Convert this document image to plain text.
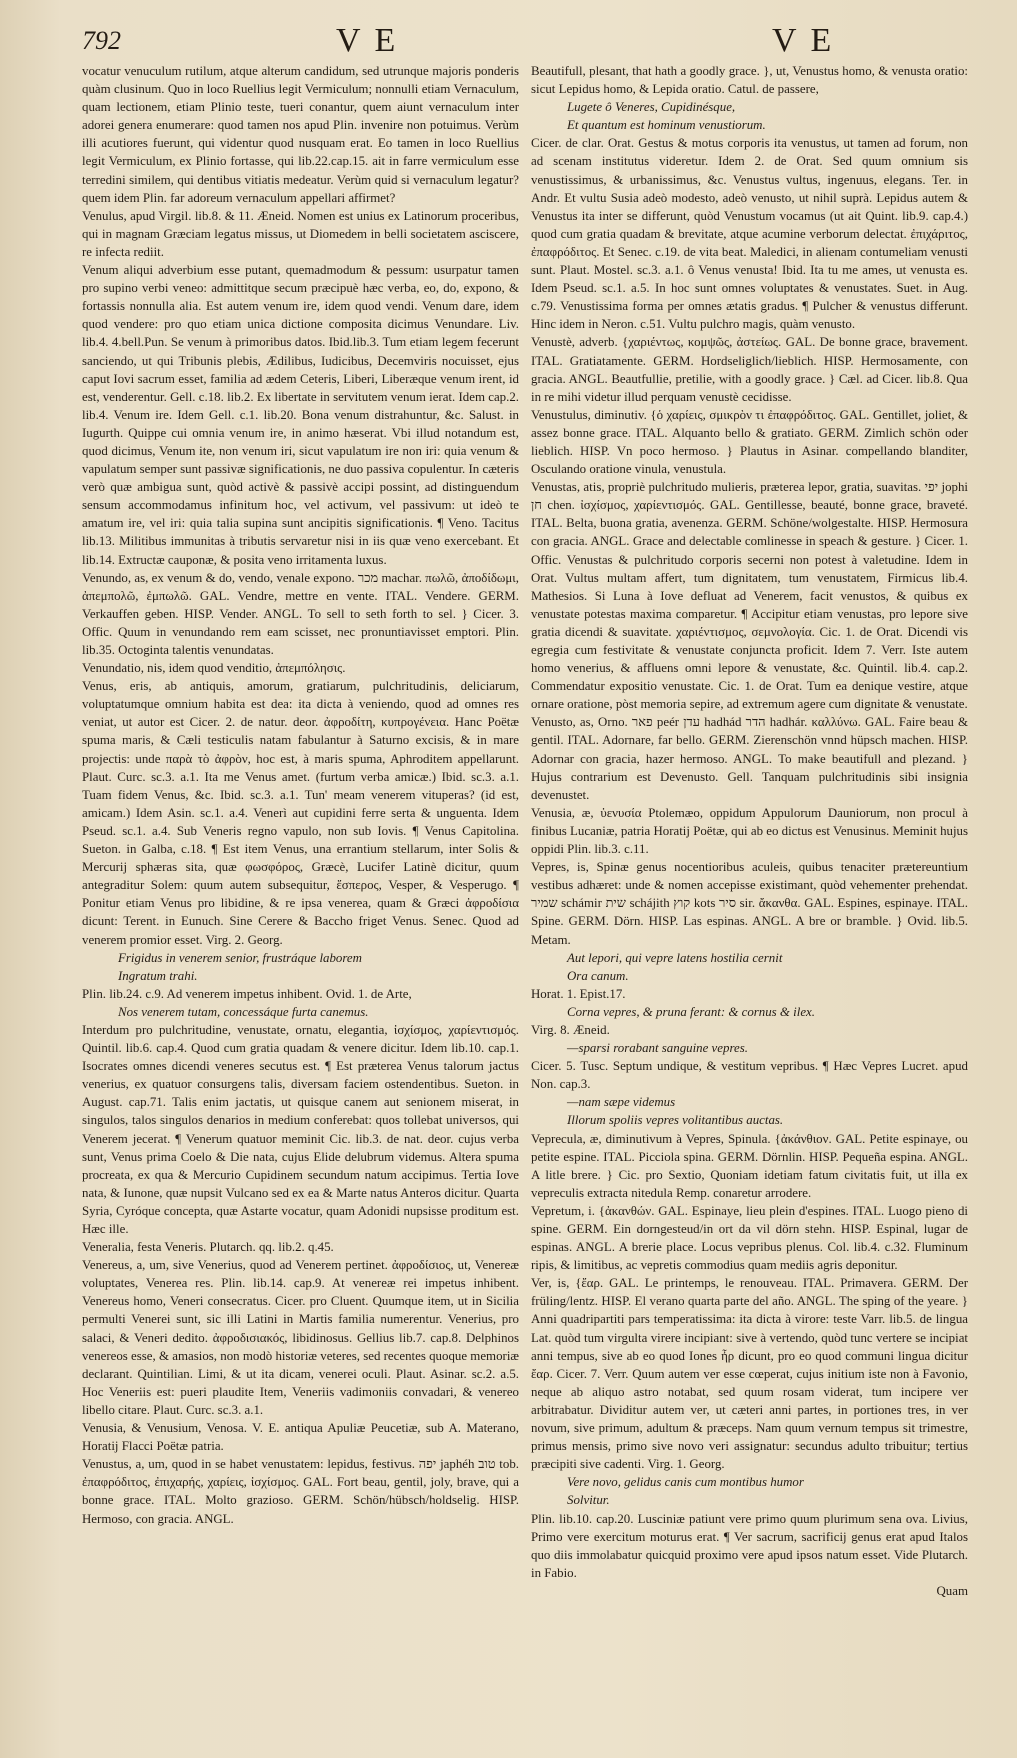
792	VE	VE

vocatur venuculum rutilum, atque alterum candidum, sed utrunque majoris ponderis quàm clusinum. Quo in loco Ruellius legit Vermiculum; nonnulli etiam Vernaculum, quam lectionem, etiam Plinio teste, tueri conantur, quem aiunt vernaculum inter adorei genera enumerare: quod tamen nos apud Plin. invenire non potuimus. Verùm illi acutiores fuerunt, qui videntur quod nusquam erat. Eo tamen in loco Ruellius legit Vermiculum, ex Plinio fortasse, qui lib.22.cap.15. ait in farre vermiculum esse terredini similem, qui dentibus vitiatis medeatur. Verùm quid si vernaculum legatur? quem idem Plin. far adoreum vernaculum appellari affirmet?

Venulus, apud Virgil. lib.8. & 11. Æneid. Nomen est unius ex Latinorum proceribus, qui in magnam Græciam legatus missus, ut Diomedem in belli societatem asciscere, re infecta rediit.

Venum aliqui adverbium esse putant, quemadmodum & pessum: usurpatur tamen pro supino verbi veneo: admittitque secum præcipuè hæc verba, eo, do, expono, & fortassis nonnulla alia. Est autem venum ire, idem quod vendi. Venum dare, idem quod vendere: pro quo etiam unica dictione composita dicimus Venundare. Liv. lib.4. 4.bell.Pun. Se venum à primoribus datos. Ibid.lib.3. Tum etiam legem fecerunt sanciendo, ut qui Tribunis plebis, Ædilibus, Iudicibus, Decemviris nocuisset, ejus caput Iovi sacrum esset, familia ad ædem Ceteris, Liberi, Liberæque venum irent, id est, venderentur. Gell. c.18. lib.2. Ex libertate in servitutem venum ierat. Idem cap.2. lib.4. Venum ire. Idem Gell. c.1. lib.20. Bona venum distrahuntur, &c. Salust. in Iugurth. Quippe cui omnia venum ire, in animo hæserat. Vbi illud notandum est, quod dicimus, Venum ite, non venum iri, sicut vapulatum ire non iri: quia venum & vapulatum semper sunt passivæ significationis, ne duo passiva copulentur. In cæteris verò quæ ambigua sunt, quòd activè & passivè accipi possint, ad distinguendum sensum accommodamus infinitum hoc, vel activum, vel passivum: ut ideò te amatum ire, vel iri: quia talia supina sunt ancipitis significationis. ¶ Veno. Tacitus lib.13. Militibus immunitas à tributis servaretur nisi in iis quæ veno exercebant. Et lib.14. Extructæ cauponæ, & posita veno irritamenta luxus.

Venundo, as, ex venum & do, vendo, venale expono. מכר machar. πωλῶ, ἀποδίδωμι, ἀπεμπολῶ, ἐμπωλῶ. GAL. Vendre, mettre en vente. ITAL. Vendere. GERM. Verkauffen geben. HISP. Vender. ANGL. To sell to seth forth to sel. } Cicer. 3. Offic. Quum in venundando rem eam scisset, nec pronuntiavisset emptori. Plin. lib.35. Octoginta talentis venundatas.

Venundatio, nis, idem quod venditio, ἀπεμπόλησις.

Venus, eris, ab antiquis, amorum, gratiarum, pulchritudinis, deliciarum, voluptatumque omnium habita est dea: ita dicta à veniendo, quod ad omnes res veniat, ut autor est Cicer. 2. de natur. deor. ἀφροδίτη, κυπρογένεια. Hanc Poëtæ spuma maris, & Cæli testiculis natam fabulantur à Saturno excisis, & in mare projectis: unde παρὰ τὸ ἀφρὸν, hoc est, à maris spuma, Aphroditem appellarunt. Plaut. Curc. sc.3. a.1. Ita me Venus amet. (furtum verba amicæ.) Ibid. sc.3. a.1. Tuam fidem Venus, &c. Ibid. sc.3. a.1. Tun' meam venerem vituperas? (id est, amicam.) Idem Asin. sc.1. a.4. Venerì aut cupidini ferre serta & unguenta. Idem Pseud. sc.1. a.4. Sub Veneris regno vapulo, non sub Iovis. ¶ Venus Capitolina. Sueton. in Galba, c.18. ¶ Est item Venus, una errantium stellarum, inter Solis & Mercurij sphæras sita, quæ φωσφόρος, Græcè, Lucifer Latinè dicitur, quum antegraditur Solem: quum autem subsequitur, ἕσπερος, Vesper, & Vesperugo. ¶ Ponitur etiam Venus pro libidine, & re ipsa venerea, quam & Græci ἀφροδίσια dicunt: Terent. in Eunuch. Sine Cerere & Baccho friget Venus. Senec. Quod ad venerem promior esset. Virg. 2. Georg.

Frigidus in venerem senior, frustráque laborem

Ingratum trahi.

Plin. lib.24. c.9. Ad venerem impetus inhibent. Ovid. 1. de Arte,

Nos venerem tutam, concessáque furta canemus.

Interdum pro pulchritudine, venustate, ornatu, elegantia, ἰσχίσμος, χαρίεντισμός. Quintil. lib.6. cap.4. Quod cum gratia quadam & venere dicitur. Idem lib.10. cap.1. Isocrates omnes dicendi veneres secutus est. ¶ Est præterea Venus talorum jactus venerius, ex quatuor consurgens talis, diversam faciem ostendentibus. Sueton. in August. cap.71. Talis enim jactatis, ut quisque canem aut senionem miserat, in singulos, talos singulos denarios in medium conferebat: quos tollebat universos, qui Venerem jecerat. ¶ Venerum quatuor meminit Cic. lib.3. de nat. deor. cujus verba sunt, Venus prima Coelo & Die nata, cujus Elide delubrum videmus. Altera spuma procreata, ex qua & Mercurio Cupidinem secundum natum accipimus. Tertia Iove nata, & Iunone, quæ nupsit Vulcano sed ex ea & Marte natus Anteros dicitur. Quarta Syria, Cyróque concepta, quæ Astarte vocatur, quam Adonidi nupsisse proditum est. Hæc ille.

Veneralia, festa Veneris. Plutarch. qq. lib.2. q.45.

Venereus, a, um, sive Venerius, quod ad Venerem pertinet. ἀφροδίσιος, ut, Venereæ voluptates, Venerea res. Plin. lib.14. cap.9. At venereæ rei impetus inhibent. Venereus homo, Veneri consecratus. Cicer. pro Cluent. Quumque item, ut in Sicilia permulti Venerei sunt, sic illi Latini in Martis familia numerentur. Venerius, pro salaci, & Veneri dedito. ἀφροδισιακός, libidinosus. Gellius lib.7. cap.8. Delphinos venereos esse, & amasios, non modò historiæ veteres, sed recentes quoque memoriæ declarant. Quintilian. Limi, & ut ita dicam, venerei oculi. Plaut. Asinar. sc.2. a.5. Hoc Veneriis est: pueri plaudite Item, Veneriis vadimoniis convadari, & venereo libello citare. Plaut. Curc. sc.3. a.1.

Venusia, & Venusium, Venosa. V. E. antiqua Apuliæ Peucetiæ, sub A. Materano, Horatij Flacci Poëtæ patria.

Venustus, a, um, quod in se habet venustatem: lepidus, festivus. יפה japhéh טוב tob. ἐπαφρόδιτος, ἐπιχαρής, χαρίεις, ἰσχίσμος. GAL. Fort beau, gentil, joly, brave, qui a bonne grace. ITAL. Molto grazioso. GERM. Schön/hübsch/holdselig. HISP. Hermoso, con gracia. ANGL.

Beautifull, plesant, that hath a goodly grace. }, ut, Venustus homo, & venusta oratio: sicut Lepidus homo, & Lepida oratio. Catul. de passere,

Lugete ô Veneres, Cupidinésque,

Et quantum est hominum venustiorum.

Cicer. de clar. Orat. Gestus & motus corporis ita venustus, ut tamen ad forum, non ad scenam institutus videretur. Idem 2. de Orat. Sed quum omnium sis venustissimus, & urbanissimus, &c. Venustus vultus, ingenuus, elegans. Ter. in Andr. Et vultu Susia adeò modesto, adeò venusto, ut nihil suprà. Lepidus autem & Venustus ita inter se differunt, quòd Venustum vocamus (ut ait Quint. lib.9. cap.4.) quod cum gratia quadam & brevitate, atque acumine verborum delectat. ἐπιχάριτος, ἐπαφρόδιτος. Et Senec. c.19. de vita beat. Maledici, in alienam contumeliam venusti sunt. Plaut. Mostel. sc.3. a.1. ô Venus venusta! Ibid. Ita tu me ames, ut venusta es. Idem Pseud. sc.1. a.5. In hoc sunt omnes voluptates & venustates. Suet. in Aug. c.79. Venustissima forma per omnes ætatis gradus. ¶ Pulcher & venustus differunt. Hinc idem in Neron. c.51. Vultu pulchro magis, quàm venusto.

Venustè, adverb. {χαριέντως, κομψῶς, ἀστείως. GAL. De bonne grace, bravement. ITAL. Gratiatamente. GERM. Hordseliglich/lieblich. HISP. Hermosamente, con gracia. ANGL. Beautfullie, pretilie, with a goodly grace. } Cæl. ad Cicer. lib.8. Qua in re mihi videtur illud perquam venustè cecidisse.

Venustulus, diminutiv. {ὁ χαρίεις, σμικρὸν τι ἐπαφρόδιτος. GAL. Gentillet, joliet, & assez bonne grace. ITAL. Alquanto bello & gratiato. GERM. Zimlich schön oder lieblich. HISP. Vn poco hermoso. } Plautus in Asinar. compellando blanditer, Osculando oratione vinula, venustula.

Venustas, atis, propriè pulchritudo mulieris, præterea lepor, gratia, suavitas. יפי jophi חן chen. ἰσχίσμος, χαρίεντισμός. GAL. Gentillesse, beauté, bonne grace, braveté. ITAL. Belta, buona gratia, avenenza. GERM. Schöne/wolgestalte. HISP. Hermosura con gracia. ANGL. Grace and delectable comlinesse in speach & gesture. } Cicer. 1. Offic. Venustas & pulchritudo corporis secerni non potest à valetudine. Idem in Orat. Vultus multam affert, tum dignitatem, tum venustatem, Firmicus lib.4. Mathesios. Si Luna à Iove defluat ad Venerem, facit venustos, & quibus ex venustate potestas maxima comparetur. ¶ Accipitur etiam venustas, pro lepore sive gratia dicendi & suavitate. χαριέντισμος, σεμνολογία. Cic. 1. de Orat. Dicendi vis egregia cum festivitate & venustate conjuncta proficit. Idem 7. Verr. Iste autem homo venerius, & affluens omni lepore & venustate, &c. Quintil. lib.4. cap.2. Commendatur expositio venustate. Cic. 1. de Orat. Tum ea denique vestire, atque ornare oratione, pòst memoria sepire, ad extremum agere cum dignitate & venustate.

Venusto, as, Orno. פאר peér עדן hadhád הדר hadhár. καλλύνω. GAL. Faire beau & gentil. ITAL. Adornare, far bello. GERM. Zierenschön vnnd hüpsch machen. HISP. Adornar con gracia, hazer hermoso. ANGL. To make beautifull and plezand. } Hujus contrarium est Devenusto. Gell. Tanquam pulchritudinis sibi insignia devenustet.

Venusia, æ, ὑενυσία Ptolemæo, oppidum Appulorum Dauniorum, non procul à finibus Lucaniæ, patria Horatij Poëtæ, qui ab eo dictus est Venusinus. Meminit hujus oppidi Plin. lib.3. c.11.

Vepres, is, Spinæ genus nocentioribus aculeis, quibus tenaciter prætereuntium vestibus adhæret: unde & nomen accepisse existimant, quòd vehementer prehendat. שמיר schámir שית schájith קוץ kots סיר sir. ἄκανθα. GAL. Espines, espinaye. ITAL. Spine. GERM. Dörn. HISP. Las espinas. ANGL. A bre or bramble. } Ovid. lib.5. Metam.

Aut lepori, qui vepre latens hostilia cernit

Ora canum.

Horat. 1. Epist.17.

Corna vepres, & pruna ferant: & cornus & ilex.

Virg. 8. Æneid.

—sparsi rorabant sanguine vepres.

Cicer. 5. Tusc. Septum undique, & vestitum vepribus. ¶ Hæc Vepres Lucret. apud Non. cap.3.

—nam sæpe videmus

Illorum spoliis vepres volitantibus auctas.

Veprecula, æ, diminutivum à Vepres, Spinula. {ἀκάνθιον. GAL. Petite espinaye, ou petite espine. ITAL. Picciola spina. GERM. Dörnlin. HISP. Pequeña espina. ANGL. A litle brere. } Cic. pro Sextio, Quoniam idetiam fatum civitatis fuit, ut illa ex vepreculis extracta nitedula Remp. conaretur arrodere.

Vepretum, i. {ἀκανθών. GAL. Espinaye, lieu plein d'espines. ITAL. Luogo pieno di spine. GERM. Ein dorngesteud/in ort da vil dörn stehn. HISP. Espinal, lugar de espinas. ANGL. A brerie place. Locus vepribus plenus. Col. lib.4. c.32. Fluminum ripis, & limitibus, ac vepretis commodius quam mediis agris deponitur.

Ver, is, {ἔαρ. GAL. Le printemps, le renouveau. ITAL. Primavera. GERM. Der früling/lentz. HISP. El verano quarta parte del año. ANGL. The sping of the yeare. } Anni quadripartiti pars temperatissima: ita dicta à virore: teste Varr. lib.5. de lingua Lat. quòd tum virgulta virere incipiant: sive à vertendo, quòd tunc vertere se incipiat anni tempus, sive ab eo quod Iones ἦρ dicunt, pro eo quod communi lingua dicitur ἔαρ. Cicer. 7. Verr. Quum autem ver esse cœperat, cujus initium iste non à Favonio, neque ab aliquo astro notabat, sed quum rosam viderat, tum incipere ver arbitrabatur. Dividitur autem ver, ut cæteri anni partes, in portiones tres, in ver novum, sive primum, adultum & præceps. Nam quum vernum tempus sit trimestre, primus mensis, primo sive novo veri assignatur: secundus adulto tribuitur; tertius præcipiti sive cadenti. Virg. 1. Georg.

Vere novo, gelidus canis cum montibus humor

Solvitur.

Plin. lib.10. cap.20. Lusciniæ patiunt vere primo quum plurimum sena ova. Livius, Primo vere exercitum moturus erat. ¶ Ver sacrum, sacrificij genus erat apud Italos quo diis immolabatur quicquid proximo vere apud ipsos natum esset. Vide Plutarch. in Fabio.

Quam
